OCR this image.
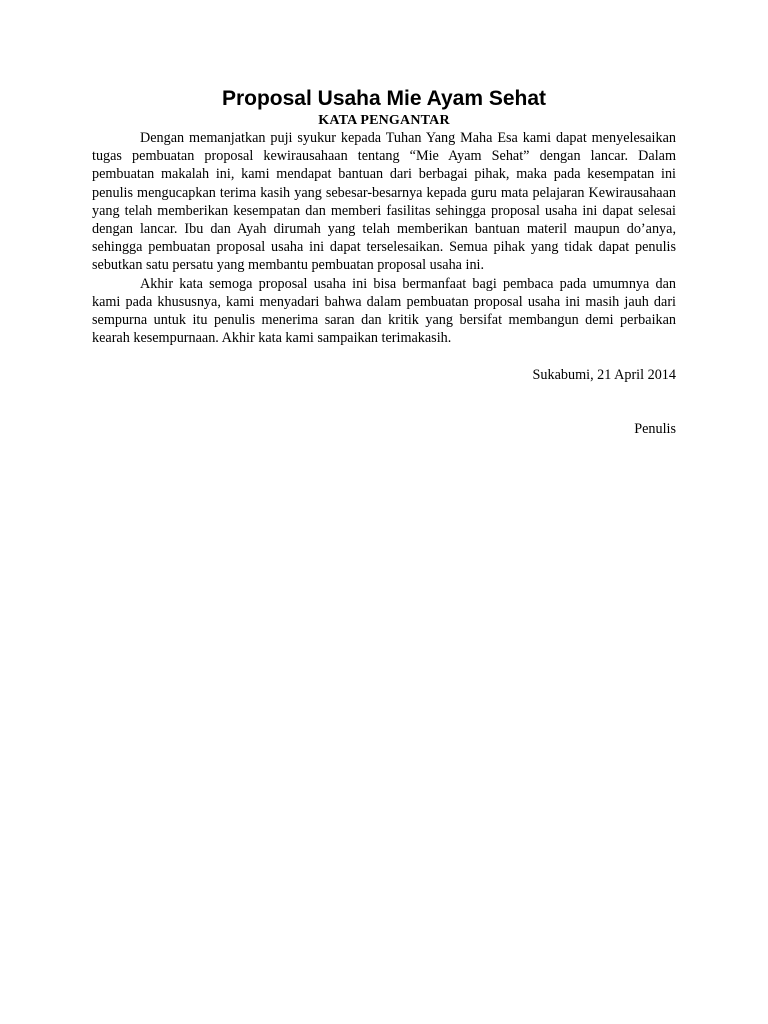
Proposal Usaha Mie Ayam Sehat
KATA PENGANTAR

Dengan memanjatkan puji syukur kepada Tuhan Yang Maha Esa kami dapat menyelesaikan tugas pembuatan proposal kewirausahaan tentang “Mie Ayam Sehat” dengan lancar. Dalam pembuatan makalah ini, kami mendapat bantuan dari berbagai pihak, maka pada kesempatan ini penulis mengucapkan terima kasih yang sebesar-besarnya kepada guru mata pelajaran Kewirausahaan yang telah memberikan kesempatan dan memberi fasilitas sehingga proposal usaha ini dapat selesai dengan lancar. Ibu dan Ayah dirumah yang telah memberikan bantuan materil maupun do’anya, sehingga pembuatan proposal usaha ini dapat terselesaikan. Semua pihak yang tidak dapat penulis sebutkan satu persatu yang membantu pembuatan proposal usaha ini.

Akhir kata semoga proposal usaha ini bisa bermanfaat bagi pembaca pada umumnya dan kami pada khususnya, kami menyadari bahwa dalam pembuatan proposal usaha ini masih jauh dari sempurna untuk itu penulis menerima saran dan kritik yang bersifat membangun demi perbaikan kearah kesempurnaan. Akhir kata kami sampaikan terimakasih.

Sukabumi, 21 April 2014

Penulis
